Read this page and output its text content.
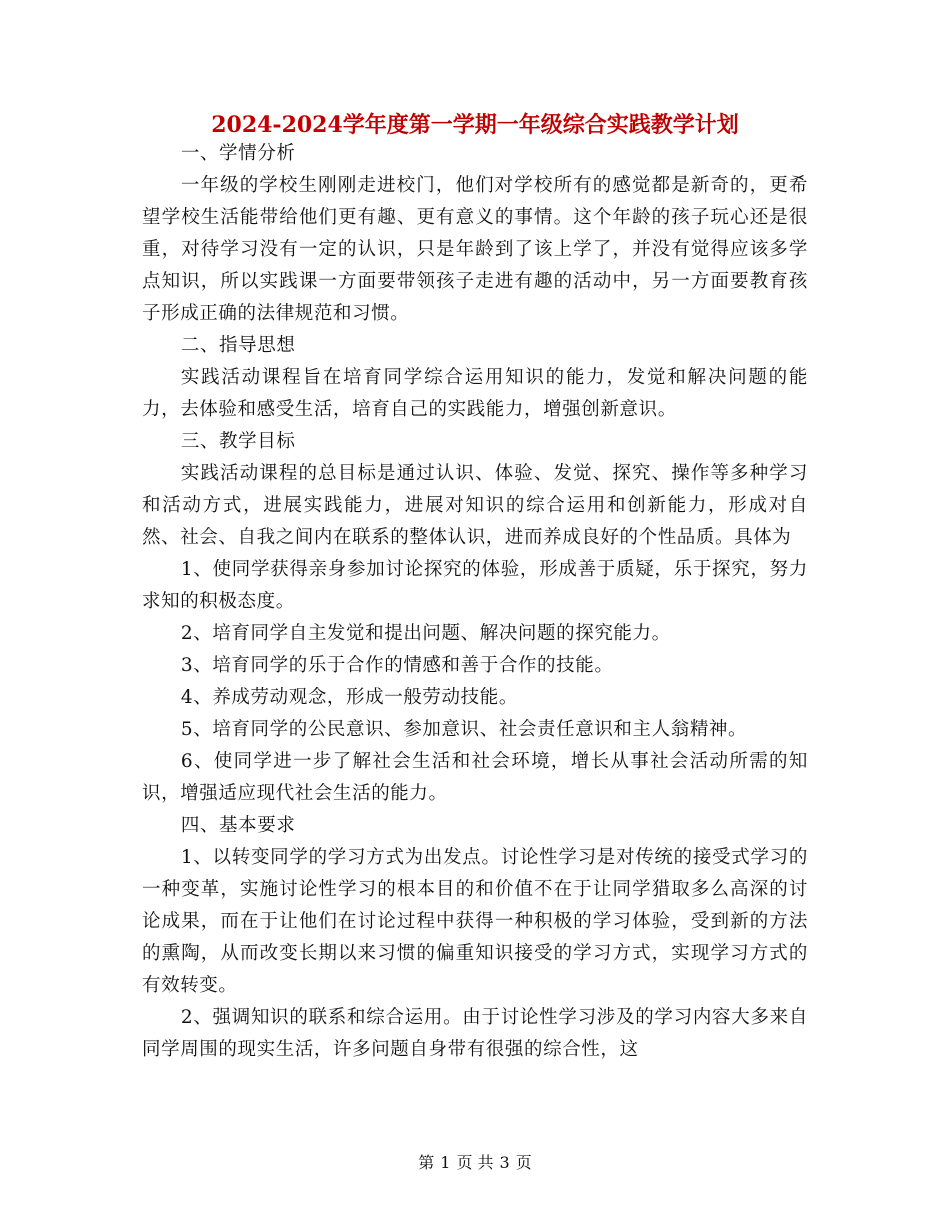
2024-2024学年度第一学期一年级综合实践教学计划

一、学情分析

一年级的学校生刚刚走进校门，他们对学校所有的感觉都是新奇的，更希望学校生活能带给他们更有趣、更有意义的事情。这个年龄的孩子玩心还是很重，对待学习没有一定的认识，只是年龄到了该上学了，并没有觉得应该多学点知识，所以实践课一方面要带领孩子走进有趣的活动中，另一方面要教育孩子形成正确的法律规范和习惯。

二、指导思想

实践活动课程旨在培育同学综合运用知识的能力，发觉和解决问题的能力，去体验和感受生活，培育自己的实践能力，增强创新意识。

三、教学目标

实践活动课程的总目标是通过认识、体验、发觉、探究、操作等多种学习和活动方式，进展实践能力，进展对知识的综合运用和创新能力，形成对自然、社会、自我之间内在联系的整体认识，进而养成良好的个性品质。具体为

1、使同学获得亲身参加讨论探究的体验，形成善于质疑，乐于探究，努力求知的积极态度。

2、培育同学自主发觉和提出问题、解决问题的探究能力。

3、培育同学的乐于合作的情感和善于合作的技能。

4、养成劳动观念，形成一般劳动技能。

5、培育同学的公民意识、参加意识、社会责任意识和主人翁精神。

6、使同学进一步了解社会生活和社会环境，增长从事社会活动所需的知识，增强适应现代社会生活的能力。

四、基本要求

1、以转变同学的学习方式为出发点。讨论性学习是对传统的接受式学习的一种变革，实施讨论性学习的根本目的和价值不在于让同学猎取多么高深的讨论成果，而在于让他们在讨论过程中获得一种积极的学习体验，受到新的方法的熏陶，从而改变长期以来习惯的偏重知识接受的学习方式，实现学习方式的有效转变。

2、强调知识的联系和综合运用。由于讨论性学习涉及的学习内容大多来自同学周围的现实生活，许多问题自身带有很强的综合性，这

第 1 页 共 3 页
